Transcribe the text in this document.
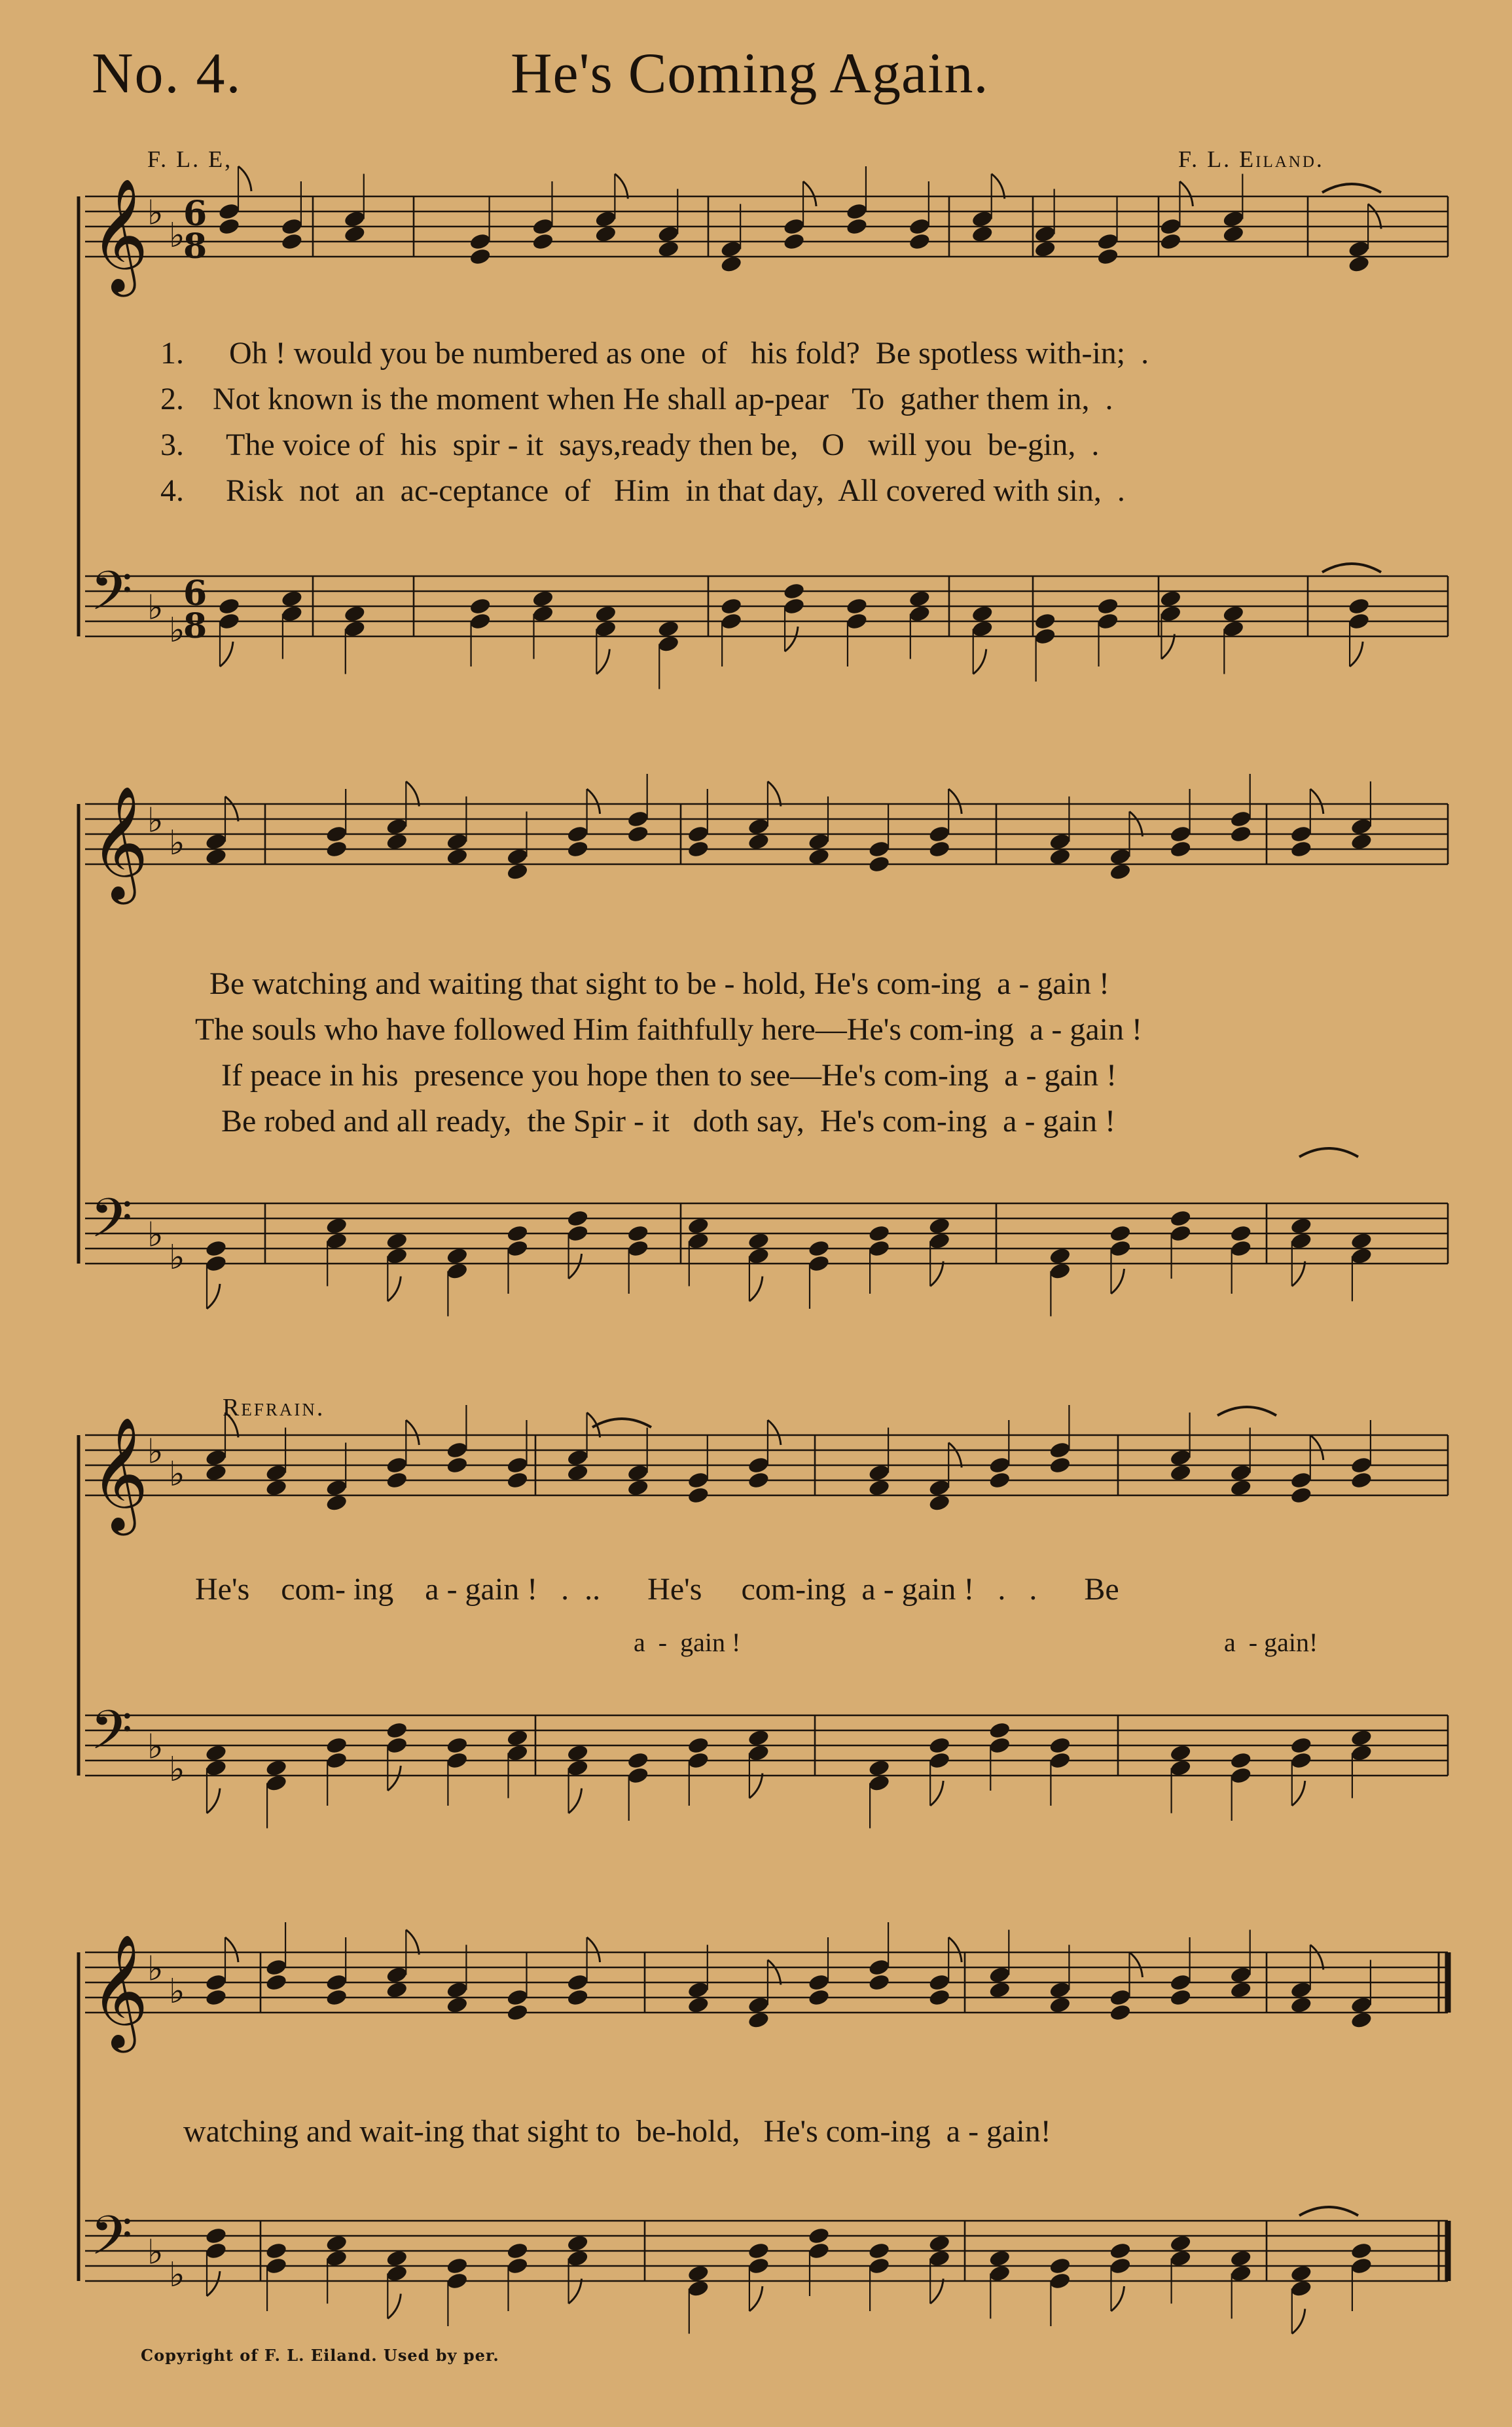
No. 4.	He's Coming Again.
F. L. E,	F. L. Eiland.
𝄞
♭
♭
6
8
𝄢 ♭
♭
6
8
𝄞
♭
♭
𝄢 ♭
♭
𝄞
♭
♭
𝄢 ♭
♭
𝄞
♭
♭
𝄢 ♭
♭
1. Oh ! would you be numbered as one  of   his fold?  Be spotless with-in;  .
2. Not known is the moment when He shall ap-pear   To  gather them in,  .
3. The voice of  his  spir - it  says,ready then be,   O   will you  be-gin,  .
4. Risk  not  an  ac-ceptance  of   Him  in that day,  All covered with sin,  .
Be watching and waiting that sight to be - hold, He's com-ing  a - gain !
The souls who have followed Him faithfully here—He's com-ing  a - gain !
If peace in his  presence you hope then to see—He's com-ing  a - gain !
Be robed and all ready,  the Spir - it   doth say,  He's com-ing  a - gain !
Refrain.
He's    com- ing    a - gain !   .  ..      He's     com-ing  a - gain !   .   .      Be
a  -  gain !	a  - gain!
watching and wait-ing that sight to  be-hold,   He's com-ing  a - gain!
Copyright of F. L. Eiland. Used by per.
